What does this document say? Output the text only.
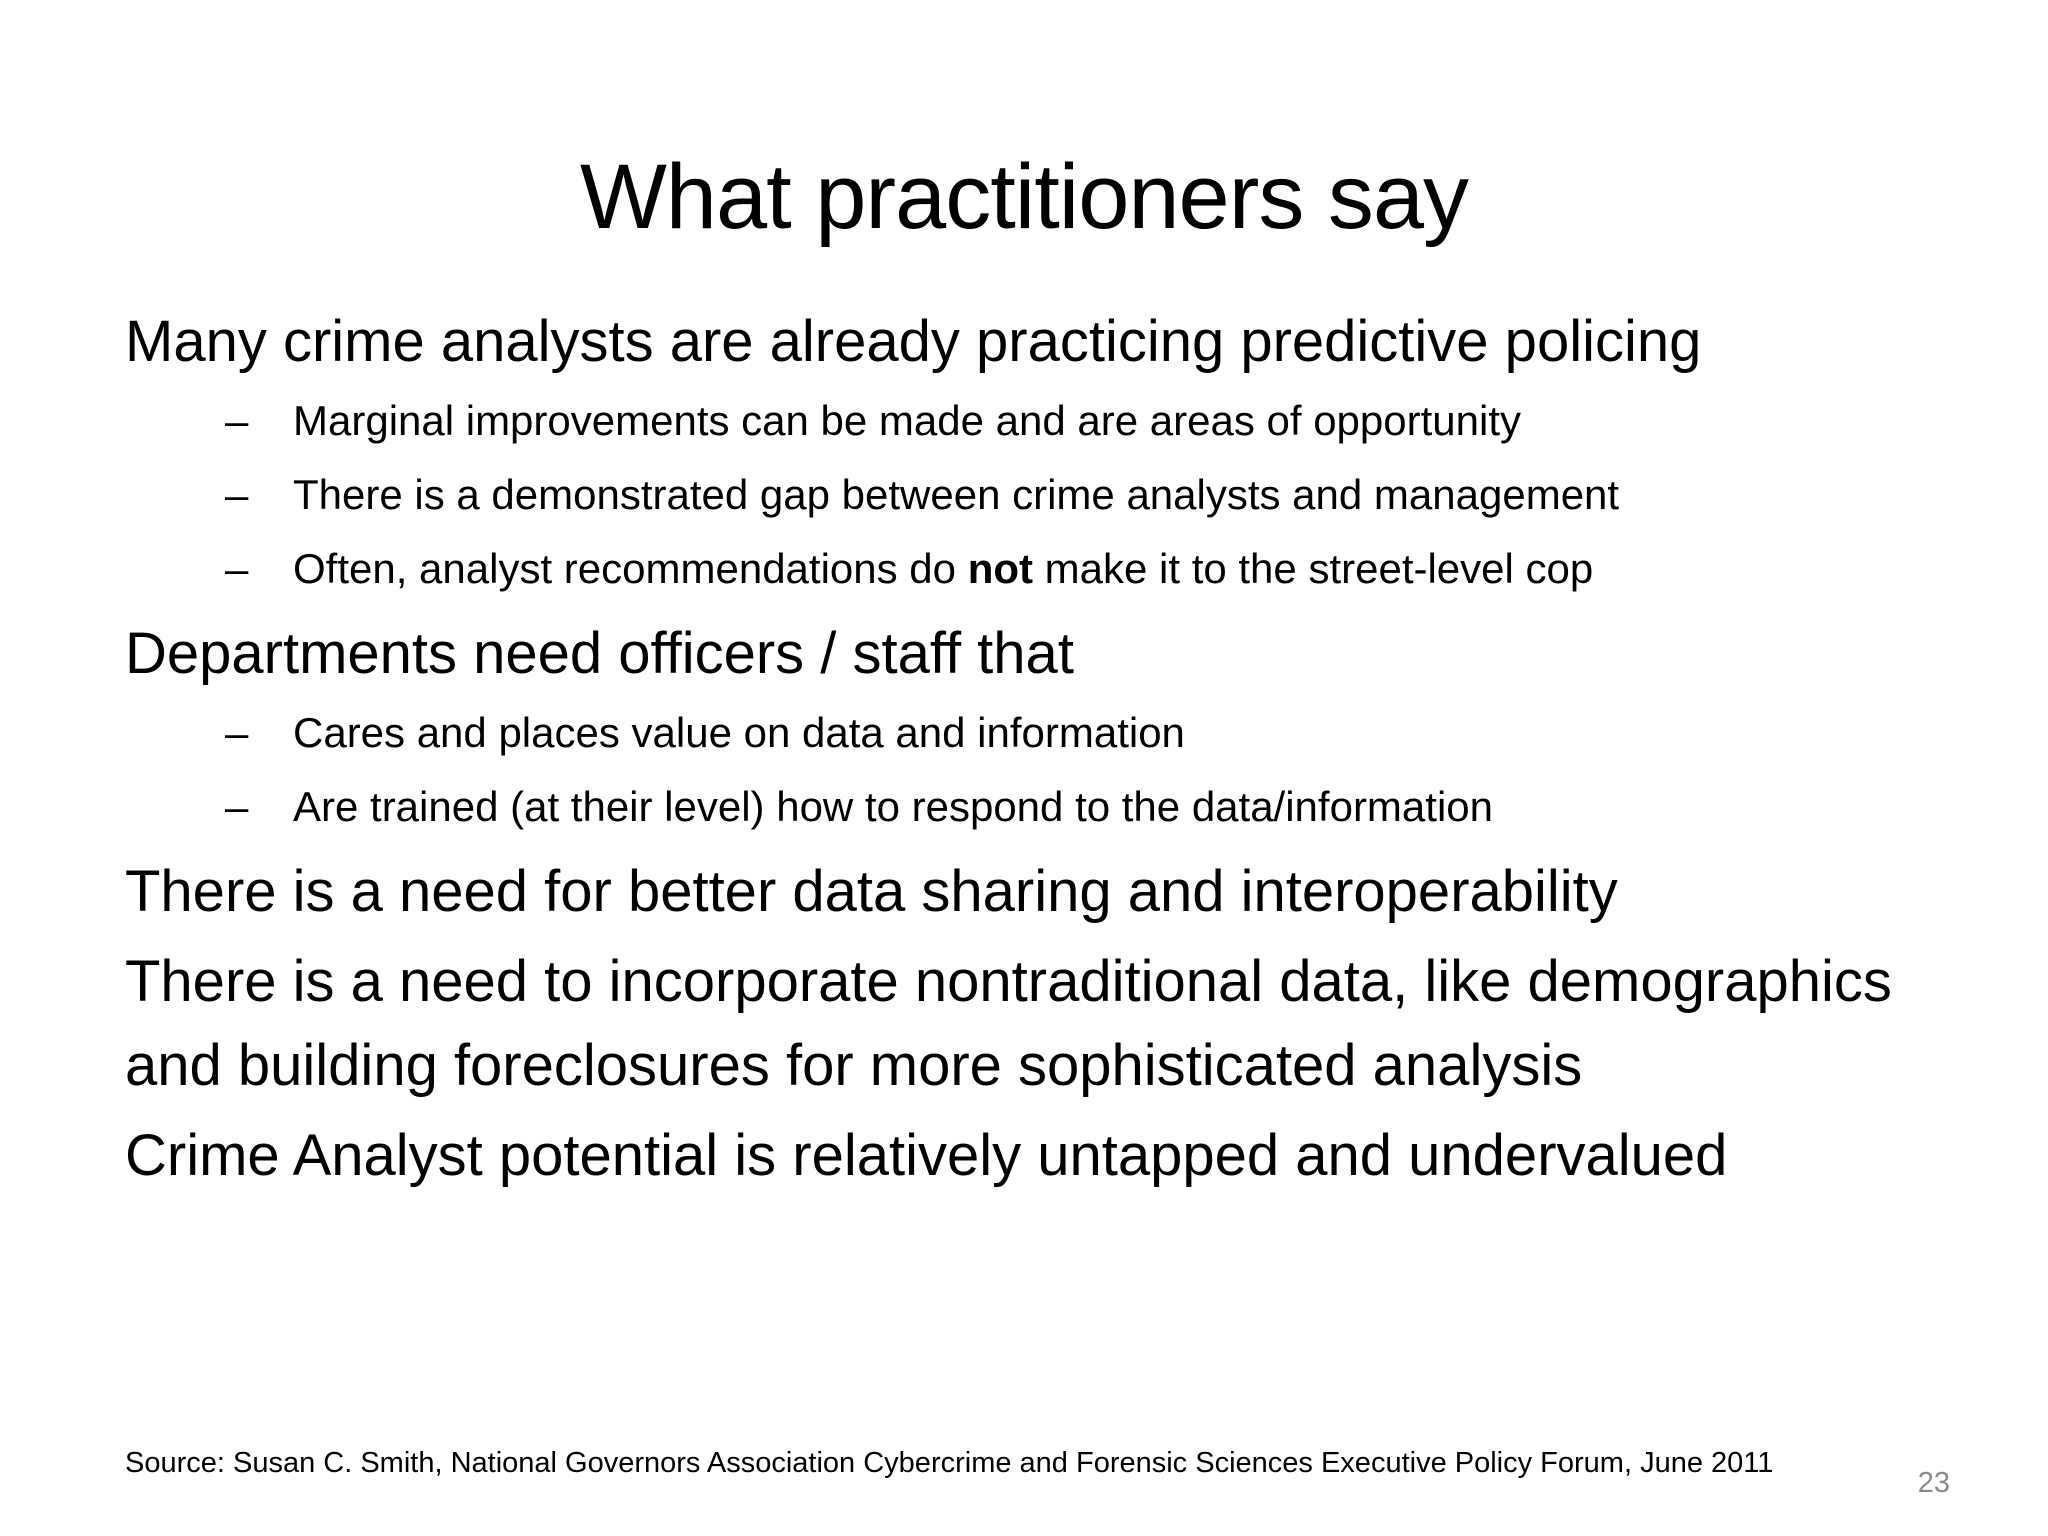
What practitioners say

Many crime analysts are already practicing predictive policing

– Marginal improvements can be made and are areas of opportunity

– There is a demonstrated gap between crime analysts and management

– Often, analyst recommendations do not make it to the street-level cop

Departments need officers / staff that

– Cares and places value on data and information

– Are trained (at their level) how to respond to the data/information

There is a need for better data sharing and interoperability

There is a need to incorporate nontraditional data, like demographics and building foreclosures for more sophisticated analysis

Crime Analyst potential is relatively untapped and undervalued

Source: Susan C. Smith, National Governors Association Cybercrime and Forensic Sciences Executive Policy Forum, June 2011
23
